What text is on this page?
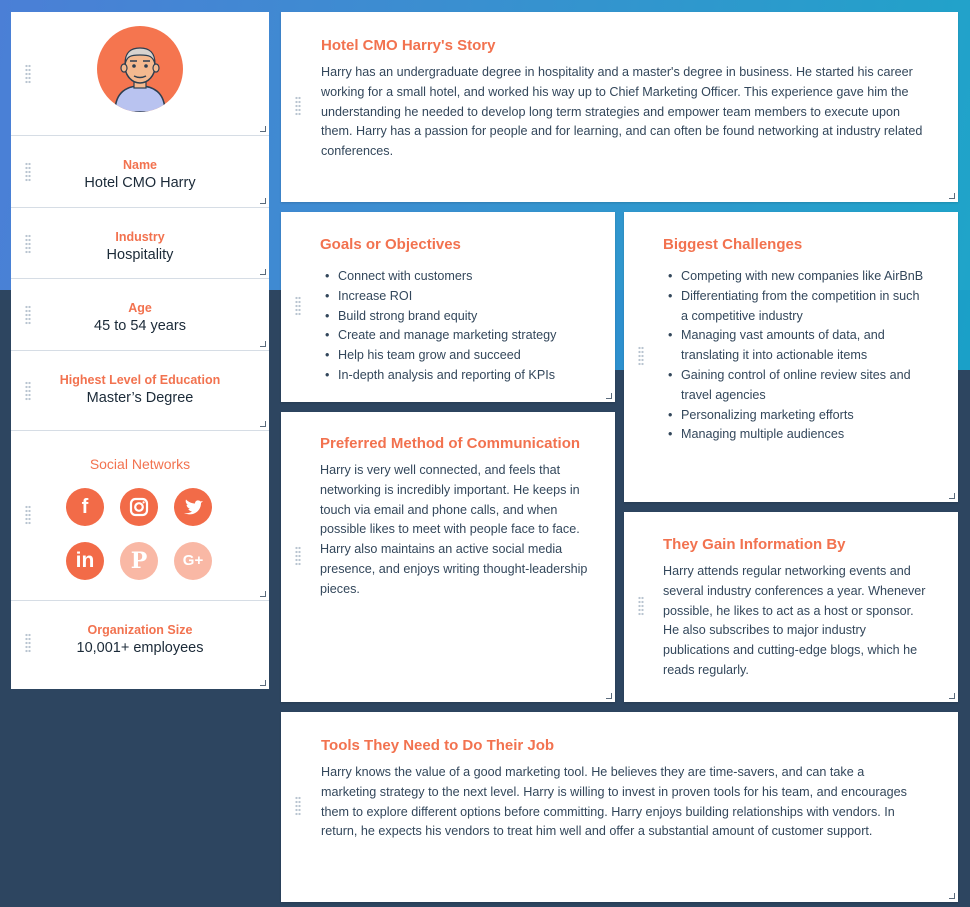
Name
Hotel CMO Harry
Industry
Hospitality
Age
45 to 54 years
Highest Level of Education
Master’s Degree
Social Networks
f
in	P	G+
Organization Size
10,001+ employees
Hotel CMO Harry's Story
Harry has an undergraduate degree in hospitality and a master's degree in business. He started his career working for a small hotel, and worked his way up to Chief Marketing Officer. This experience gave him the understanding he needed to develop long term strategies and empower team members to execute upon them. Harry has a passion for people and for learning, and can often be found networking at industry related conferences.
Goals or Objectives
• Connect with customers
• Increase ROI
• Build strong brand equity
• Create and manage marketing strategy
• Help his team grow and succeed
• In-depth analysis and reporting of KPIs
Biggest Challenges
• Competing with new companies like AirBnB
• Differentiating from the competition in such a competitive industry
• Managing vast amounts of data, and translating it into actionable items
• Gaining control of online review sites and travel agencies
• Personalizing marketing efforts
• Managing multiple audiences
Preferred Method of Communication
Harry is very well connected, and feels that networking is incredibly important. He keeps in touch via email and phone calls, and when possible likes to meet with people face to face. Harry also maintains an active social media presence, and enjoys writing thought-leadership pieces.
They Gain Information By
Harry attends regular networking events and several industry conferences a year. Whenever possible, he likes to act as a host or sponsor. He also subscribes to major industry publications and cutting-edge blogs, which he reads regularly.
Tools They Need to Do Their Job
Harry knows the value of a good marketing tool. He believes they are time-savers, and can take a marketing strategy to the next level. Harry is willing to invest in proven tools for his team, and encourages them to explore different options before committing. Harry enjoys building relationships with vendors. In return, he expects his vendors to treat him well and offer a substantial amount of customer support.
